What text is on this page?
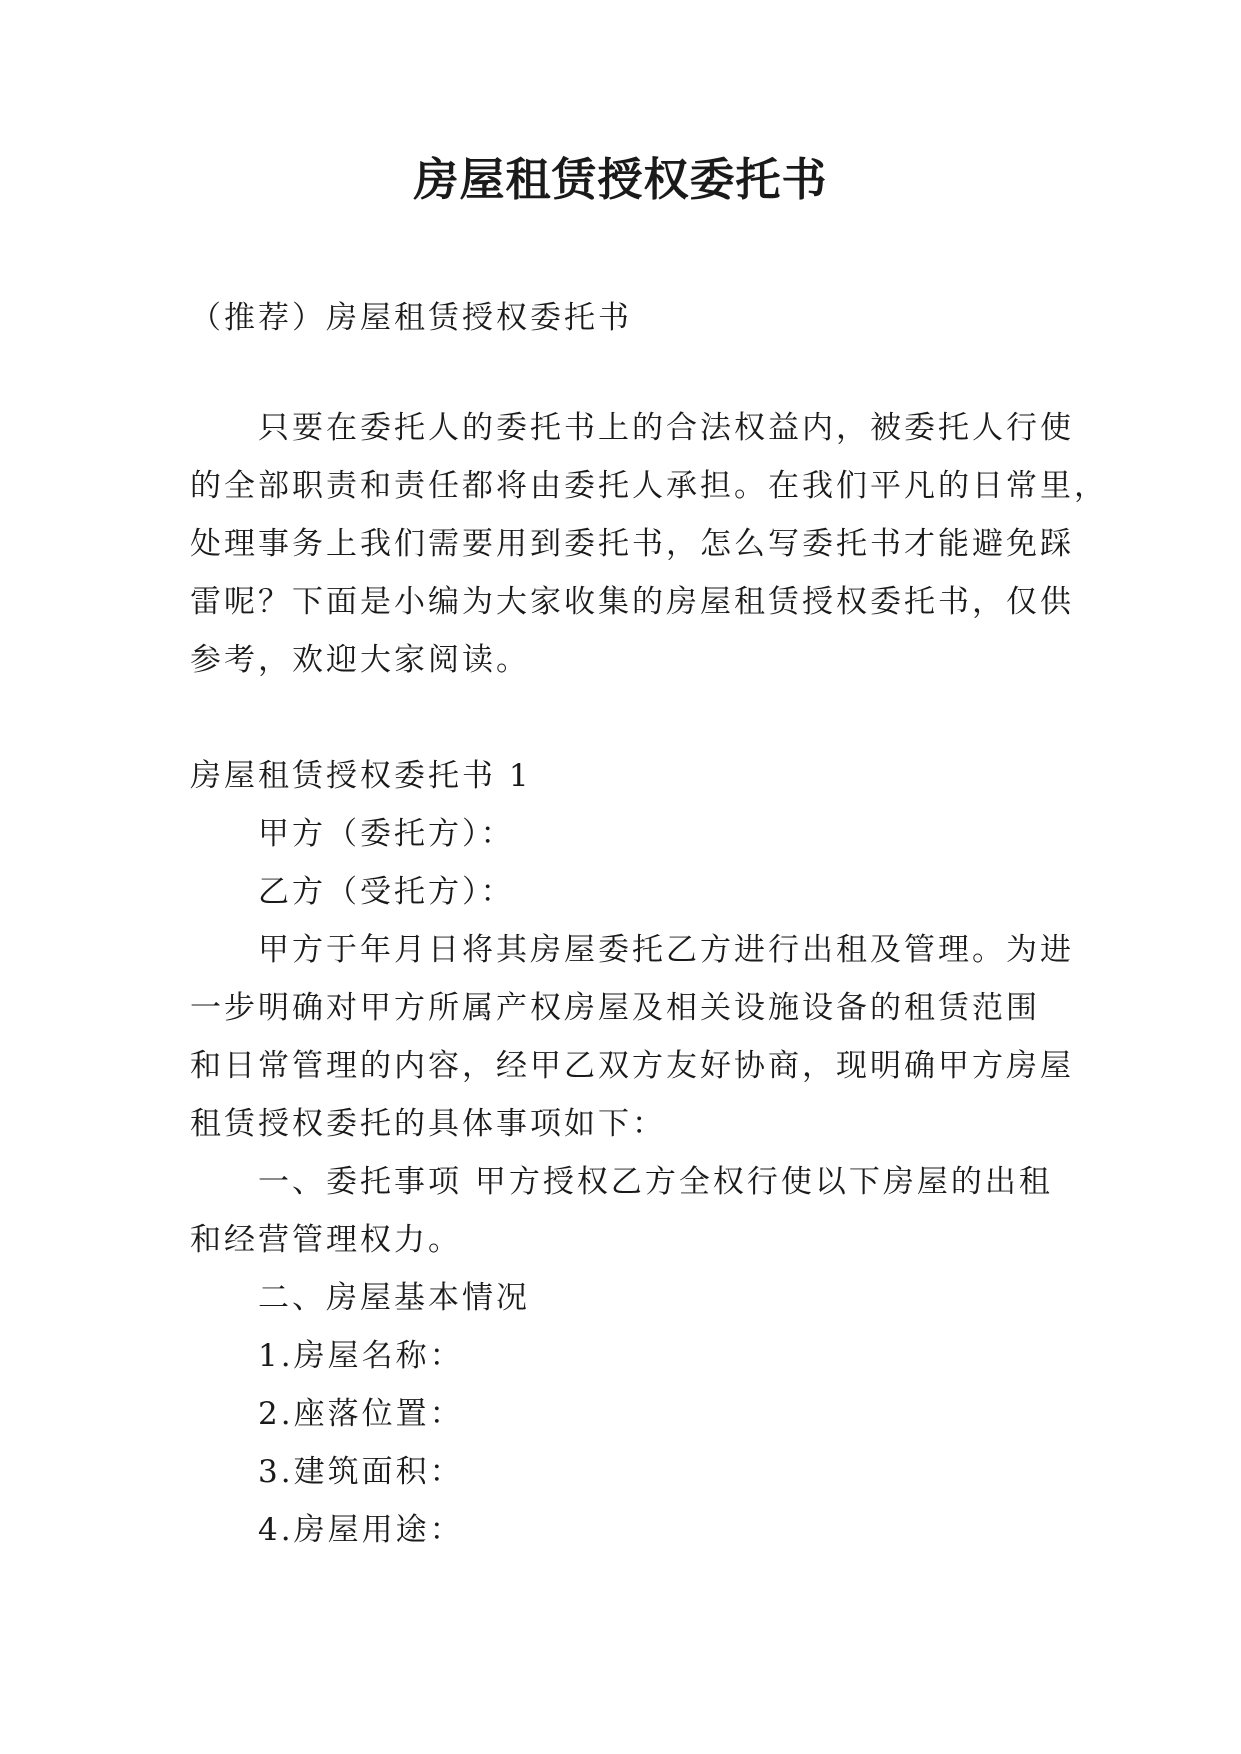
房屋租赁授权委托书

（推荐）房屋租赁授权委托书

只要在委托人的委托书上的合法权益内，被委托人行使

的全部职责和责任都将由委托人承担。在我们平凡的日常里，

处理事务上我们需要用到委托书，怎么写委托书才能避免踩

雷呢？下面是小编为大家收集的房屋租赁授权委托书，仅供

参考，欢迎大家阅读。

房屋租赁授权委托书 1

甲方（委托方）：

乙方（受托方）：

甲方于年月日将其房屋委托乙方进行出租及管理。为进

一步明确对甲方所属产权房屋及相关设施设备的租赁范围

和日常管理的内容，经甲乙双方友好协商，现明确甲方房屋

租赁授权委托的具体事项如下：

一、委托事项 甲方授权乙方全权行使以下房屋的出租

和经营管理权力。

二、房屋基本情况

1.房屋名称：

2.座落位置：

3.建筑面积：

4.房屋用途：
